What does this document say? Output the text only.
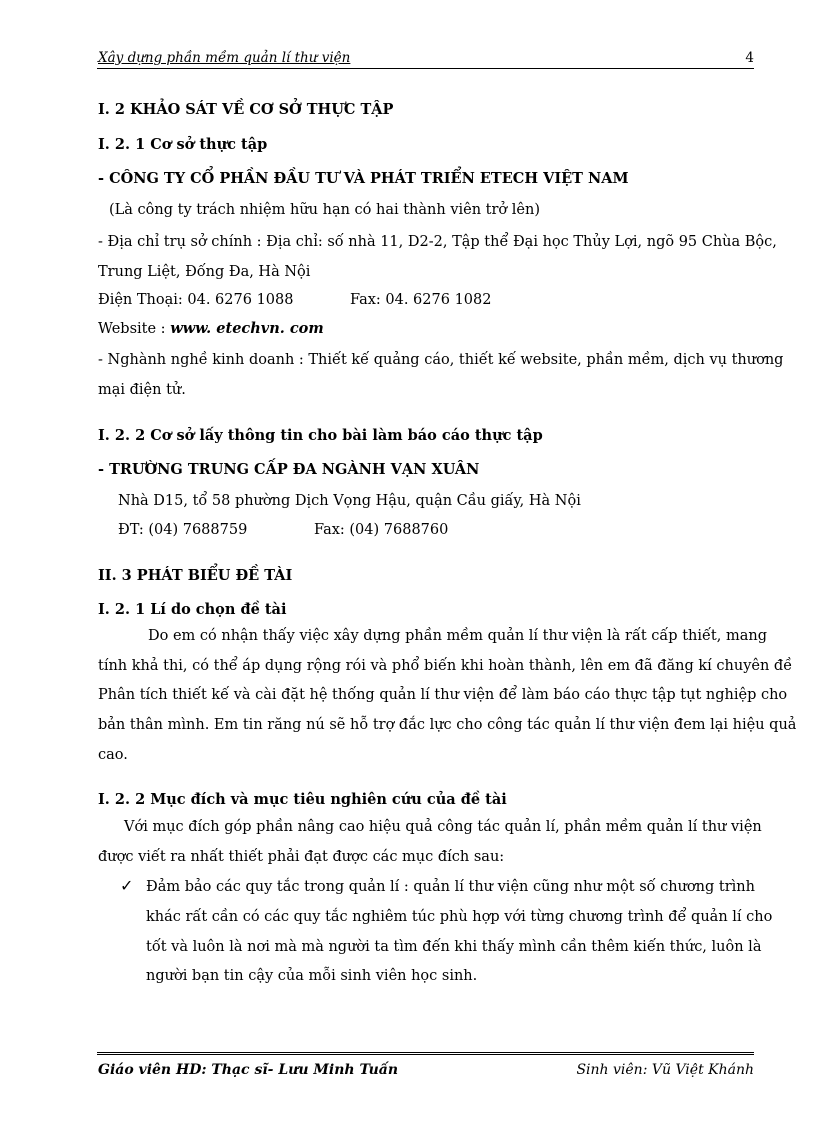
Xây dựng phần mềm quản lí thư viện	4
I. 2 KHẢO SÁT VỀ CƠ SỞ THỰC TẬP
I. 2. 1 Cơ sở thực tập
- CÔNG TY CỔ PHẦN ĐẦU TƯ VÀ PHÁT TRIỂN ETECH VIỆT NAM
(Là công ty trách nhiệm hữu hạn có hai thành viên trở lên)
- Địa chỉ trụ sở chính : Địa chỉ: số nhà 11, D2-2, Tập thể Đại học Thủy Lợi, ngõ 95 Chùa Bộc,
Trung Liệt, Đống Đa, Hà Nội
Điện Thoại: 04. 6276 1088	Fax: 04. 6276 1082
Website : www. etechvn. com
- Nghành nghề kinh doanh : Thiết kế quảng cáo, thiết kế website, phần mềm, dịch vụ thương
mại điện tử.
I. 2. 2 Cơ sở lấy thông tin cho bài làm báo cáo thực tập
- TRƯỜNG TRUNG CẤP ĐA NGÀNH VẠN XUÂN
Nhà D15, tổ 58 phường Dịch Vọng Hậu, quận Cầu giấy, Hà Nội
ĐT: (04) 7688759	Fax: (04) 7688760
II. 3 PHÁT BIỂU ĐỀ TÀI
I. 2. 1 Lí do chọn đề tài
Do em có nhận thấy việc xây dựng phần mềm quản lí thư viện là rất cấp thiết, mang
tính khả thi, có thể áp dụng rộng rói và phổ biến khi hoàn thành, lên em đã đăng kí chuyên đề
Phân tích thiết kế và cài đặt hệ thống quản lí thư viện để làm báo cáo thực tập tụt nghiệp cho
bản thân mình. Em tin răng nú sẽ hỗ trợ đắc lực cho công tác quản lí thư viện đem lại hiệu quả
cao.
I. 2. 2 Mục đích và mục tiêu nghiên cứu của đề tài
Với mục đích góp phần nâng cao hiệu quả công tác quản lí, phần mềm quản lí thư viện
được viết ra nhất thiết phải đạt được các mục đích sau:
✓ Đảm bảo các quy tắc trong quản lí : quản lí thư viện cũng như một số chương trình
khác rất cần có các quy tắc nghiêm túc phù hợp với từng chương trình để quản lí cho
tốt và luôn là nơi mà mà người ta tìm đến khi thấy mình cần thêm kiến thức, luôn là
người bạn tin cậy của mỗi sinh viên học sinh.
Giáo viên HD: Thạc sĩ- Lưu Minh Tuấn	Sinh viên: Vũ Việt Khánh
